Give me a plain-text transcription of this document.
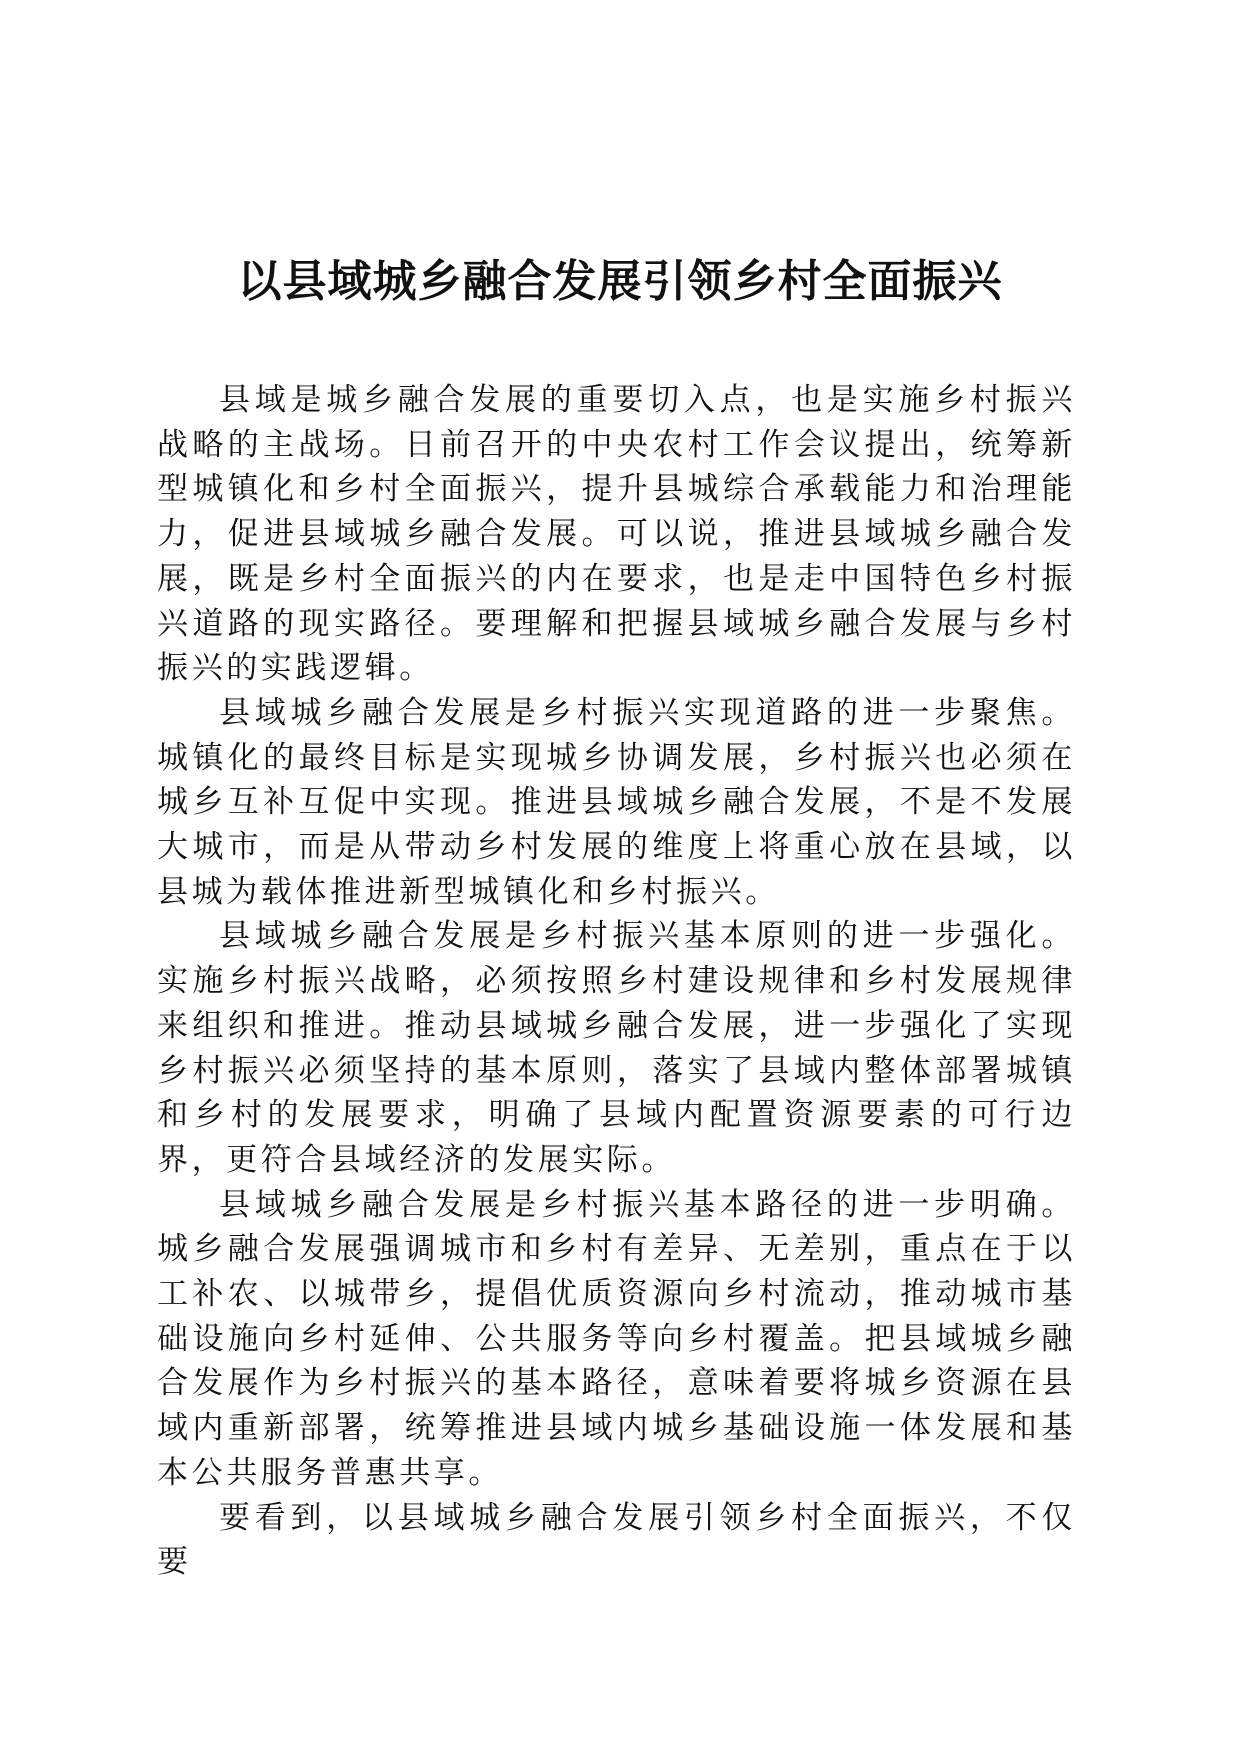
以县域城乡融合发展引领乡村全面振兴

县域是城乡融合发展的重要切入点，也是实施乡村振兴战略的主战场。日前召开的中央农村工作会议提出，统筹新型城镇化和乡村全面振兴，提升县城综合承载能力和治理能力，促进县域城乡融合发展。可以说，推进县域城乡融合发展，既是乡村全面振兴的内在要求，也是走中国特色乡村振兴道路的现实路径。要理解和把握县域城乡融合发展与乡村振兴的实践逻辑。

县域城乡融合发展是乡村振兴实现道路的进一步聚焦。城镇化的最终目标是实现城乡协调发展，乡村振兴也必须在城乡互补互促中实现。推进县域城乡融合发展，不是不发展大城市，而是从带动乡村发展的维度上将重心放在县域，以县城为载体推进新型城镇化和乡村振兴。

县域城乡融合发展是乡村振兴基本原则的进一步强化。实施乡村振兴战略，必须按照乡村建设规律和乡村发展规律来组织和推进。推动县域城乡融合发展，进一步强化了实现乡村振兴必须坚持的基本原则，落实了县域内整体部署城镇和乡村的发展要求，明确了县域内配置资源要素的可行边界，更符合县域经济的发展实际。

县域城乡融合发展是乡村振兴基本路径的进一步明确。城乡融合发展强调城市和乡村有差异、无差别，重点在于以工补农、以城带乡，提倡优质资源向乡村流动，推动城市基础设施向乡村延伸、公共服务等向乡村覆盖。把县域城乡融合发展作为乡村振兴的基本路径，意味着要将城乡资源在县域内重新部署，统筹推进县域内城乡基础设施一体发展和基本公共服务普惠共享。

要看到，以县域城乡融合发展引领乡村全面振兴，不仅要
